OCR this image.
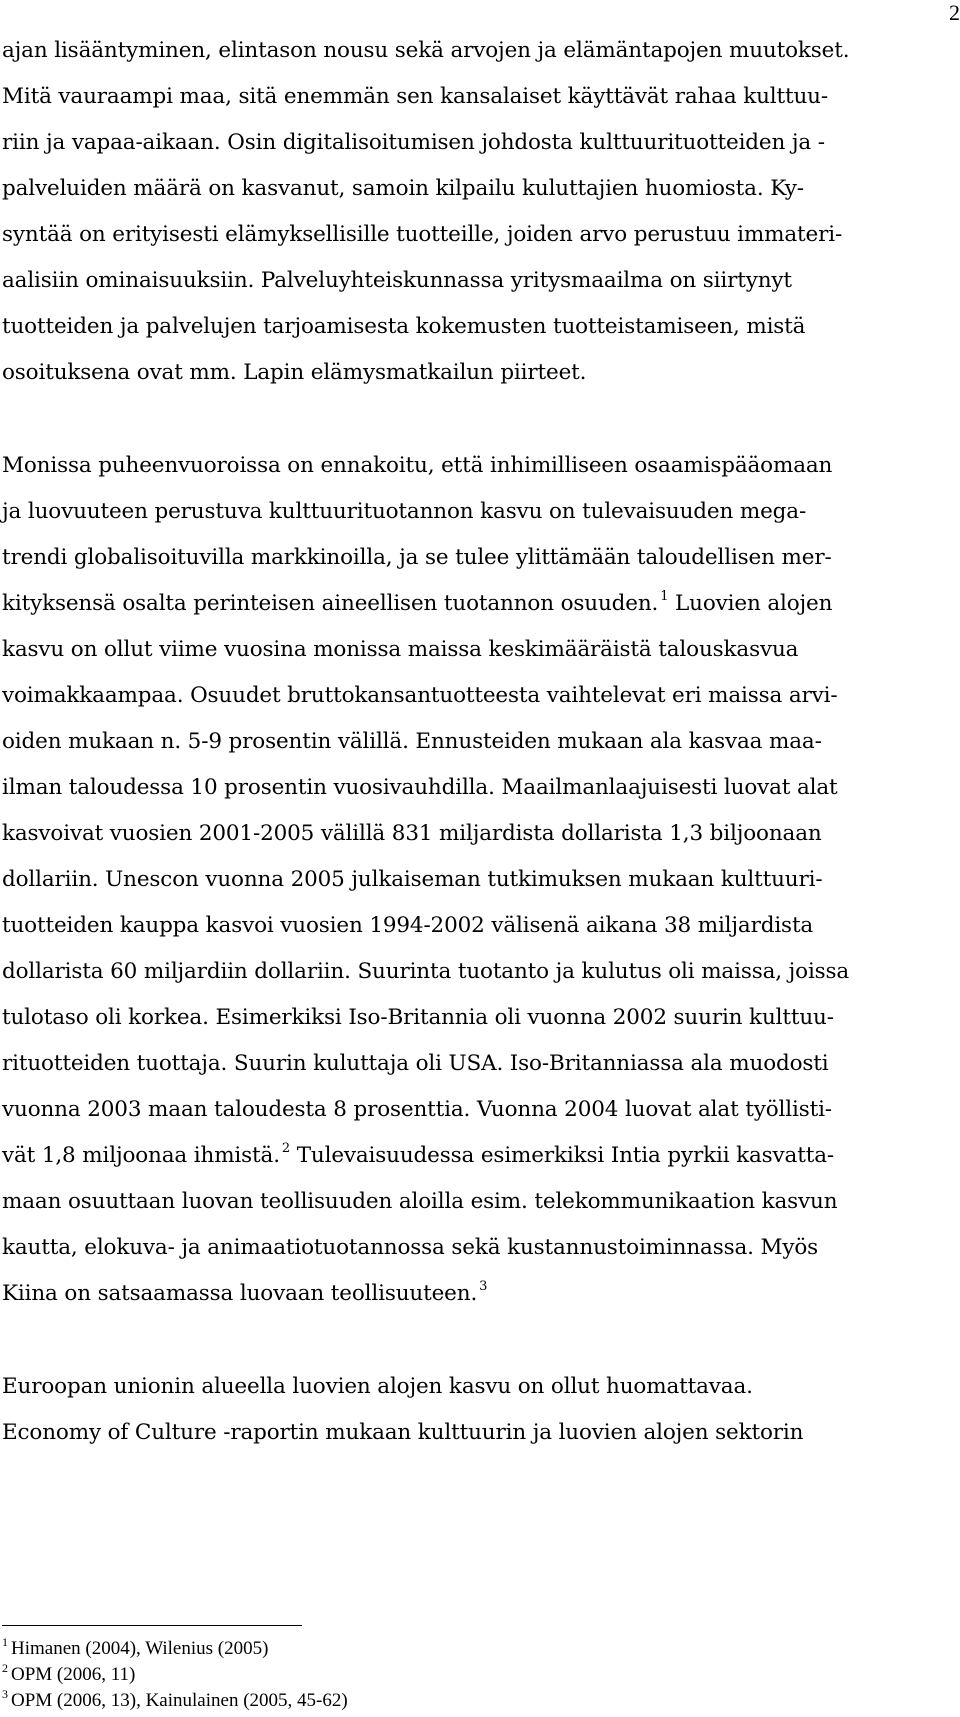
2
ajan lisääntyminen, elintason nousu sekä arvojen ja elämäntapojen muutokset.
Mitä vauraampi maa, sitä enemmän sen kansalaiset käyttävät rahaa kulttuu-
riin ja vapaa-aikaan. Osin digitalisoitumisen johdosta kulttuurituotteiden ja -
palveluiden määrä on kasvanut, samoin kilpailu kuluttajien huomiosta. Ky-
syntää on erityisesti elämyksellisille tuotteille, joiden arvo perustuu immateri-
aalisiin ominaisuuksiin. Palveluyhteiskunnassa yritysmaailma on siirtynyt
tuotteiden ja palvelujen tarjoamisesta kokemusten tuotteistamiseen, mistä
osoituksena ovat mm. Lapin elämysmatkailun piirteet.
Monissa puheenvuoroissa on ennakoitu, että inhimilliseen osaamispääomaan
ja luovuuteen perustuva kulttuurituotannon kasvu on tulevaisuuden mega-
trendi globalisoituvilla markkinoilla, ja se tulee ylittämään taloudellisen mer-
kityksensä osalta perinteisen aineellisen tuotannon osuuden. $^1$ Luovien alojen
kasvu on ollut viime vuosina monissa maissa keskimääräistä talouskasvua
voimakkaampaa. Osuudet bruttokansantuotteesta vaihtelevat eri maissa arvi-
oiden mukaan n. 5-9 prosentin välillä. Ennusteiden mukaan ala kasvaa maa-
ilman taloudessa 10 prosentin vuosivauhdilla. Maailmanlaajuisesti luovat alat
kasvoivat vuosien 2001-2005 välillä 831 miljardista dollarista 1,3 biljoonaan
dollariin. Unescon vuonna 2005 julkaiseman tutkimuksen mukaan kulttuuri-
tuotteiden kauppa kasvoi vuosien 1994-2002 välisenä aikana 38 miljardista
dollarista 60 miljardiin dollariin. Suurinta tuotanto ja kulutus oli maissa, joissa
tulotaso oli korkea. Esimerkiksi Iso-Britannia oli vuonna 2002 suurin kulttuu-
rituotteiden tuottaja. Suurin kuluttaja oli USA. Iso-Britanniassa ala muodosti
vuonna 2003 maan taloudesta 8 prosenttia. Vuonna 2004 luovat alat työllisti-
vät 1,8 miljoonaa ihmistä. $^2$ Tulevaisuudessa esimerkiksi Intia pyrkii kasvatta-
maan osuuttaan luovan teollisuuden aloilla esim. telekommunikaation kasvun
kautta, elokuva- ja animaatiotuotannossa sekä kustannustoiminnassa. Myös
Kiina on satsaamassa luovaan teollisuuteen. $^3$
Euroopan unionin alueella luovien alojen kasvu on ollut huomattavaa.
Economy of Culture -raportin mukaan kulttuurin ja luovien alojen sektorin
$^1$ Himanen (2004), Wilenius (2005)
$^2$ OPM (2006, 11)
$^3$ OPM (2006, 13), Kainulainen (2005, 45-62)
